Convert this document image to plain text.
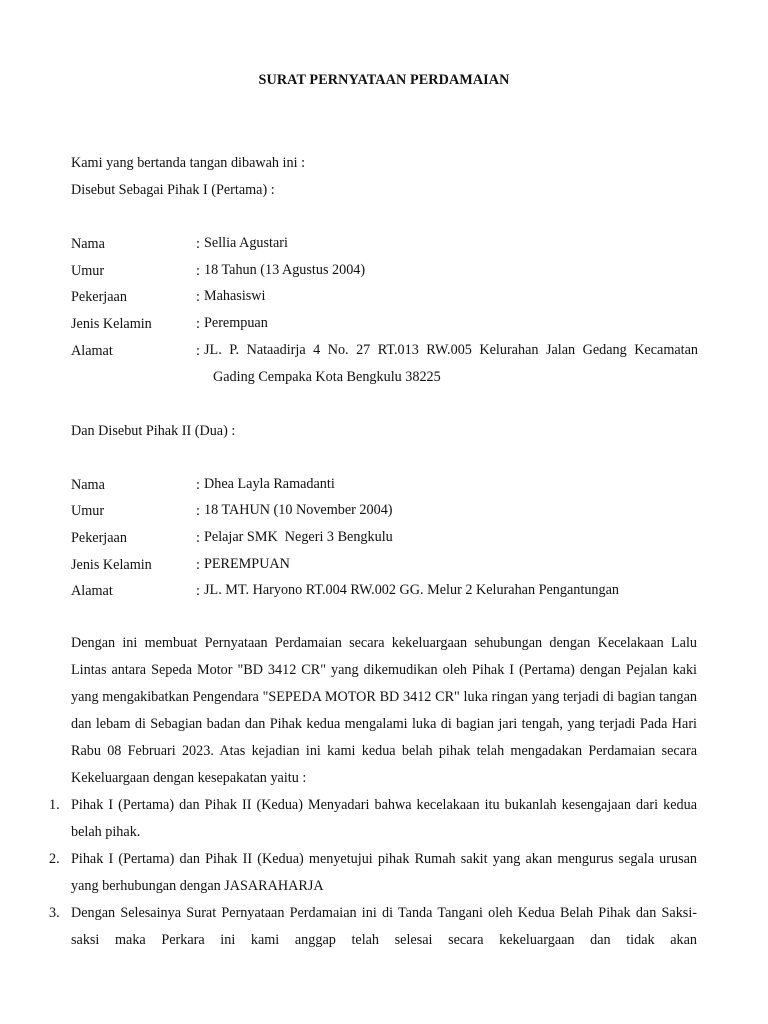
SURAT PERNYATAAN PERDAMAIAN
Kami yang bertanda tangan dibawah ini :
Disebut Sebagai Pihak I (Pertama) :
Nama	: Sellia Agustari
Umur	: 18 Tahun (13 Agustus 2004)
Pekerjaan	: Mahasiswi
Jenis Kelamin	: Perempuan
Alamat	: JL. P. Nataadirja 4 No. 27 RT.013 RW.005 Kelurahan Jalan Gedang Kecamatan
Gading Cempaka Kota Bengkulu 38225
Dan Disebut Pihak II (Dua) :
Nama	: Dhea Layla Ramadanti
Umur	: 18 TAHUN (10 November 2004)
Pekerjaan	: Pelajar SMK  Negeri 3 Bengkulu
Jenis Kelamin	: PEREMPUAN
Alamat	: JL. MT. Haryono RT.004 RW.002 GG. Melur 2 Kelurahan Pengantungan
Dengan ini membuat Pernyataan Perdamaian secara kekeluargaan sehubungan dengan Kecelakaan Lalu Lintas antara Sepeda Motor "BD 3412 CR" yang dikemudikan oleh Pihak I (Pertama) dengan Pejalan kaki yang mengakibatkan Pengendara "SEPEDA MOTOR BD 3412 CR" luka ringan yang terjadi di bagian tangan dan lebam di Sebagian badan dan Pihak kedua mengalami luka di bagian jari tengah, yang terjadi Pada Hari Rabu 08 Februari 2023. Atas kejadian ini kami kedua belah pihak telah mengadakan Perdamaian secara Kekeluargaan dengan kesepakatan yaitu :
1. Pihak I (Pertama) dan Pihak II (Kedua) Menyadari bahwa kecelakaan itu bukanlah kesengajaan dari kedua belah pihak.
2. Pihak I (Pertama) dan Pihak II (Kedua) menyetujui pihak Rumah sakit yang akan mengurus segala urusan yang berhubungan dengan JASARAHARJA
3. Dengan Selesainya Surat Pernyataan Perdamaian ini di Tanda Tangani oleh Kedua Belah Pihak dan Saksi-saksi maka Perkara ini kami anggap telah selesai secara kekeluargaan dan tidak akan
